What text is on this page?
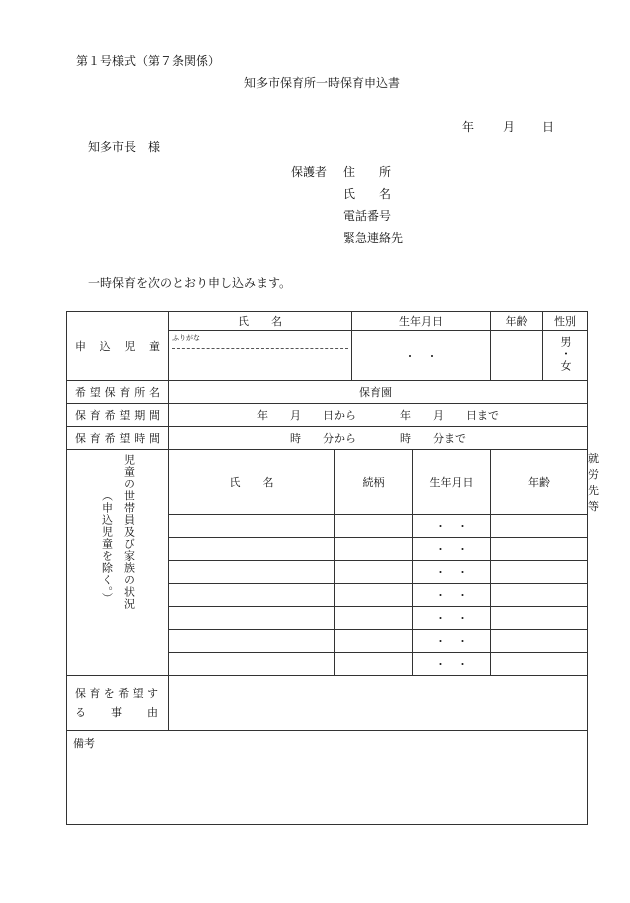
第１号様式（第７条関係）
知多市保育所一時保育申込書
年 月 日
知多市長　様
保護者 住　　所
氏　　名
電話番号
緊急連絡先
一時保育を次のとおり申し込みます。
申込児童	氏　　名		生年月日		年齢	性別	

	ふりがな		・　・			男・女	
希望保育所名	保育園						
保育希望期間	年　　月　　日から　　　　年　　月　　日まで						
保育希望時間	時　　分から　　　　時　　分まで						

児童の世帯員及び家族の状況
（申込児童を除く。）	氏　　名	続柄		生年月日	年齢		就労先等
				・　・			
				・　・			
				・　・			
				・　・			
				・　・			
				・　・			
				・　・			

保育を希望する事由							

備考							
